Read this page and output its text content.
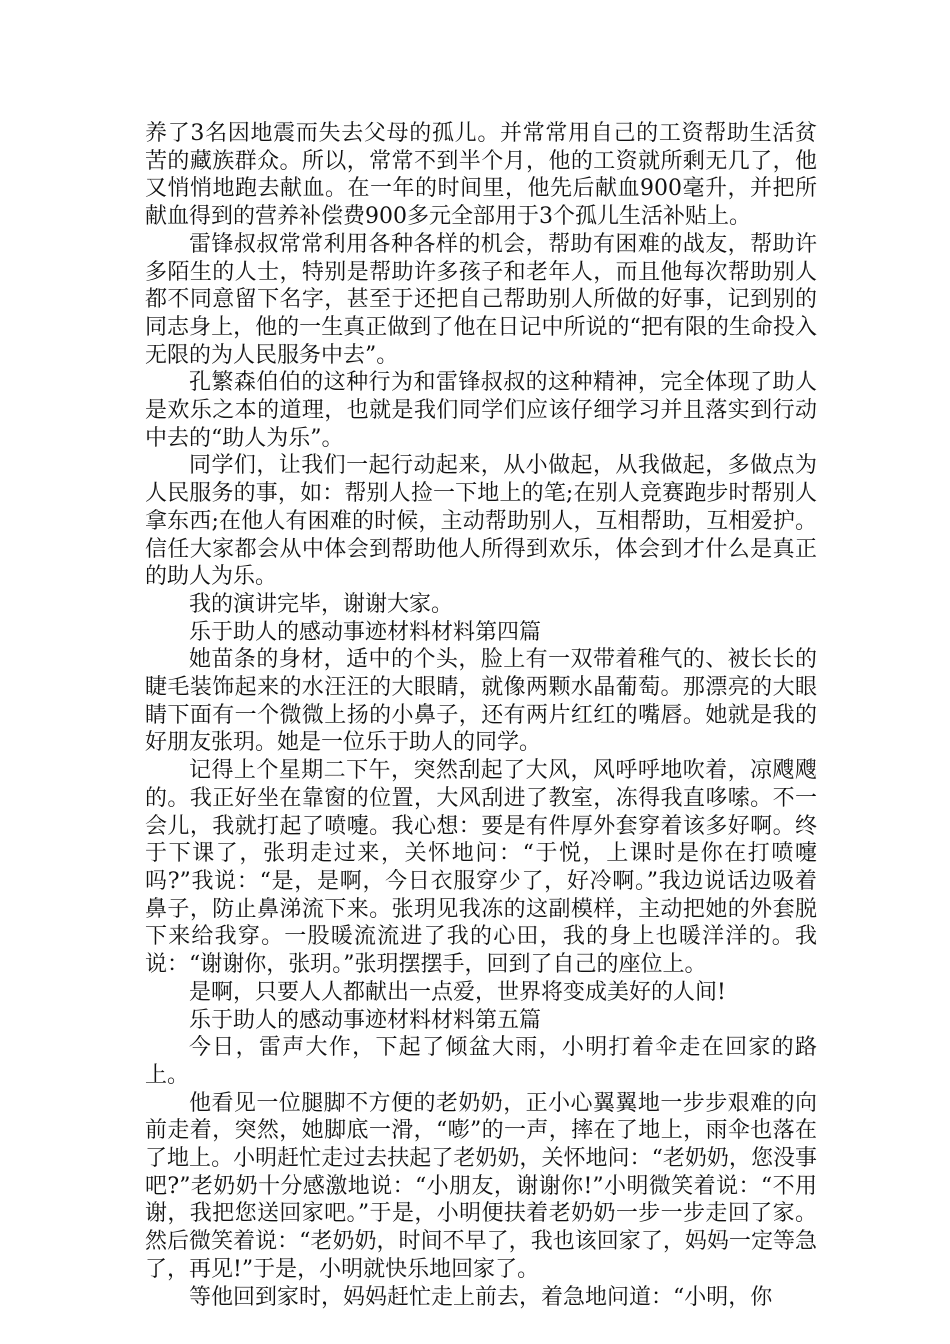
养了3名因地震而失去父母的孤儿。并常常用自己的工资帮助生活贫苦的藏族群众。所以，常常不到半个月，他的工资就所剩无几了，他又悄悄地跑去献血。在一年的时间里，他先后献血900毫升，并把所献血得到的营养补偿费900多元全部用于3个孤儿生活补贴上。

雷锋叔叔常常利用各种各样的机会，帮助有困难的战友，帮助许多陌生的人士，特别是帮助许多孩子和老年人，而且他每次帮助别人都不同意留下名字，甚至于还把自己帮助别人所做的好事，记到别的同志身上，他的一生真正做到了他在日记中所说的“把有限的生命投入无限的为人民服务中去”。

孔繁森伯伯的这种行为和雷锋叔叔的这种精神，完全体现了助人是欢乐之本的道理，也就是我们同学们应该仔细学习并且落实到行动中去的“助人为乐”。

同学们，让我们一起行动起来，从小做起，从我做起，多做点为人民服务的事，如：帮别人捡一下地上的笔;在别人竞赛跑步时帮别人拿东西;在他人有困难的时候，主动帮助别人，互相帮助，互相爱护。信任大家都会从中体会到帮助他人所得到欢乐，体会到才什么是真正的助人为乐。

我的演讲完毕，谢谢大家。

乐于助人的感动事迹材料材料第四篇

她苗条的身材，适中的个头，脸上有一双带着稚气的、被长长的睫毛装饰起来的水汪汪的大眼睛，就像两颗水晶葡萄。那漂亮的大眼睛下面有一个微微上扬的小鼻子，还有两片红红的嘴唇。她就是我的好朋友张玥。她是一位乐于助人的同学。

记得上个星期二下午，突然刮起了大风，风呼呼地吹着，凉飕飕的。我正好坐在靠窗的位置，大风刮进了教室，冻得我直哆嗦。不一会儿，我就打起了喷嚏。我心想：要是有件厚外套穿着该多好啊。终于下课了，张玥走过来，关怀地问：“于悦，上课时是你在打喷嚏吗?”我说：“是，是啊，今日衣服穿少了，好冷啊。”我边说话边吸着鼻子，防止鼻涕流下来。张玥见我冻的这副模样，主动把她的外套脱下来给我穿。一股暖流流进了我的心田，我的身上也暖洋洋的。我说：“谢谢你，张玥。”张玥摆摆手，回到了自己的座位上。

是啊，只要人人都献出一点爱，世界将变成美好的人间!

乐于助人的感动事迹材料材料第五篇

今日，雷声大作，下起了倾盆大雨，小明打着伞走在回家的路上。

他看见一位腿脚不方便的老奶奶，正小心翼翼地一步步艰难的向前走着，突然，她脚底一滑，“嘭”的一声，摔在了地上，雨伞也落在了地上。小明赶忙走过去扶起了老奶奶，关怀地问：“老奶奶，您没事吧?”老奶奶十分感激地说：“小朋友，谢谢你!”小明微笑着说：“不用谢，我把您送回家吧。”于是，小明便扶着老奶奶一步一步走回了家。然后微笑着说：“老奶奶，时间不早了，我也该回家了，妈妈一定等急了，再见!”于是，小明就快乐地回家了。

等他回到家时，妈妈赶忙走上前去，着急地问道：“小明，你
